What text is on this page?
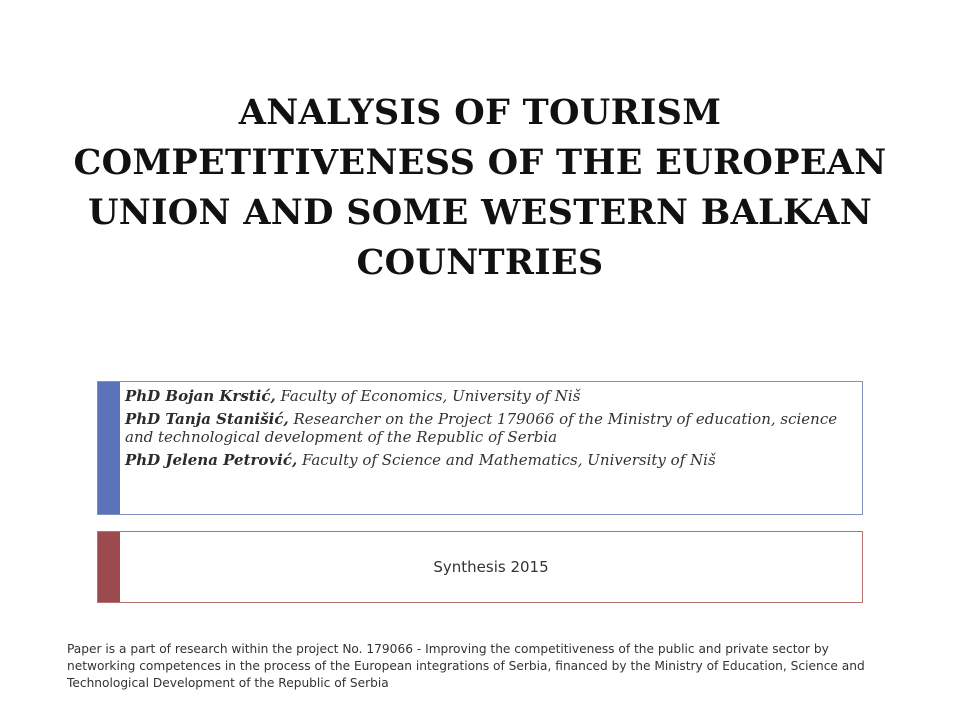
ANALYSIS OF TOURISM COMPETITIVENESS OF THE EUROPEAN UNION AND SOME WESTERN BALKAN COUNTRIES
PhD Bojan Krstić, Faculty of Economics, University of Niš
PhD Tanja Stanišić, Researcher on the Project 179066 of the Ministry of education, science and technological development of the Republic of Serbia
PhD Jelena Petrović, Faculty of Science and Mathematics, University of Niš
Synthesis 2015
Paper is a part of research within the project No. 179066 - Improving the competitiveness of the public and private sector by networking competences in the process of the European integrations of Serbia, financed by the Ministry of Education, Science and Technological Development of the Republic of Serbia
